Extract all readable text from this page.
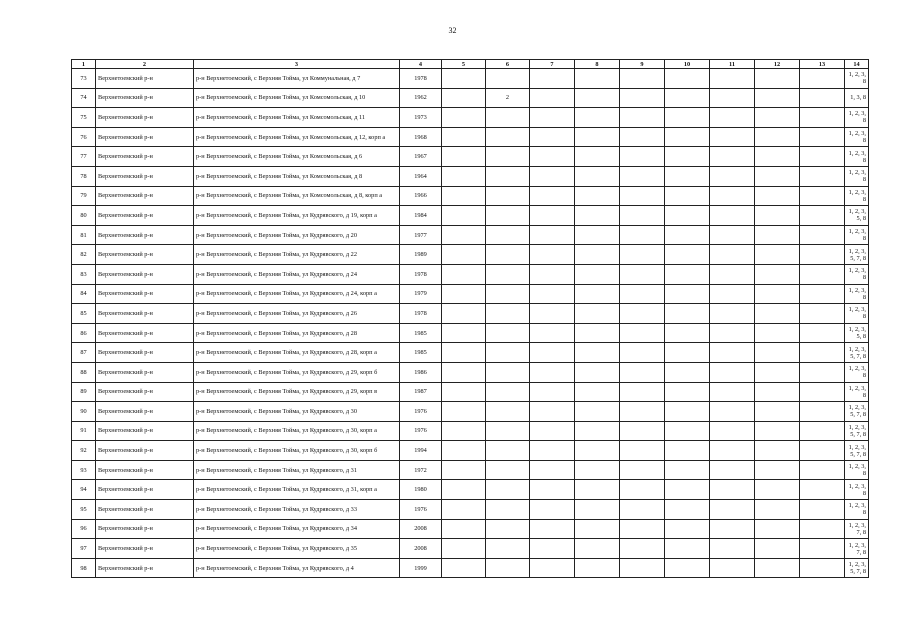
32
1	2	3	4	5	6	7	8	9	10	11	12	13	14
73	Верхнетоемский р-н	р-н Верхнетоемский, с Верхняя Тойма, ул Коммунальная, д 7	1978										1, 2, 3, 8
74	Верхнетоемский р-н	р-н Верхнетоемский, с Верхняя Тойма, ул Комсомольская, д 10	1962		2								1, 3, 8
75	Верхнетоемский р-н	р-н Верхнетоемский, с Верхняя Тойма, ул Комсомольская, д 11	1973										1, 2, 3, 8
76	Верхнетоемский р-н	р-н Верхнетоемский, с Верхняя Тойма, ул Комсомольская, д 12, корп а	1968										1, 2, 3, 8
77	Верхнетоемский р-н	р-н Верхнетоемский, с Верхняя Тойма, ул Комсомольская, д 6	1967										1, 2, 3, 8
78	Верхнетоемский р-н	р-н Верхнетоемский, с Верхняя Тойма, ул Комсомольская, д 8	1964										1, 2, 3, 8
79	Верхнетоемский р-н	р-н Верхнетоемский, с Верхняя Тойма, ул Комсомольская, д 8, корп а	1966										1, 2, 3, 8
80	Верхнетоемский р-н	р-н Верхнетоемский, с Верхняя Тойма, ул Кудрявского, д 19, корп а	1984										1, 2, 3, 5, 8
81	Верхнетоемский р-н	р-н Верхнетоемский, с Верхняя Тойма, ул Кудрявского, д 20	1977										1, 2, 3, 8
82	Верхнетоемский р-н	р-н Верхнетоемский, с Верхняя Тойма, ул Кудрявского, д 22	1989										1, 2, 3, 5, 7, 8
83	Верхнетоемский р-н	р-н Верхнетоемский, с Верхняя Тойма, ул Кудрявского, д 24	1978										1, 2, 3, 8
84	Верхнетоемский р-н	р-н Верхнетоемский, с Верхняя Тойма, ул Кудрявского, д 24, корп а	1979										1, 2, 3, 8
85	Верхнетоемский р-н	р-н Верхнетоемский, с Верхняя Тойма, ул Кудрявского, д 26	1978										1, 2, 3, 8
86	Верхнетоемский р-н	р-н Верхнетоемский, с Верхняя Тойма, ул Кудрявского, д 28	1985										1, 2, 3, 5, 8
87	Верхнетоемский р-н	р-н Верхнетоемский, с Верхняя Тойма, ул Кудрявского, д 28, корп а	1985										1, 2, 3, 5, 7, 8
88	Верхнетоемский р-н	р-н Верхнетоемский, с Верхняя Тойма, ул Кудрявского, д 29, корп б	1986										1, 2, 3, 8
89	Верхнетоемский р-н	р-н Верхнетоемский, с Верхняя Тойма, ул Кудрявского, д 29, корп в	1987										1, 2, 3, 8
90	Верхнетоемский р-н	р-н Верхнетоемский, с Верхняя Тойма, ул Кудрявского, д 30	1976										1, 2, 3, 5, 7, 8
91	Верхнетоемский р-н	р-н Верхнетоемский, с Верхняя Тойма, ул Кудрявского, д 30, корп а	1976										1, 2, 3, 5, 7, 8
92	Верхнетоемский р-н	р-н Верхнетоемский, с Верхняя Тойма, ул Кудрявского, д 30, корп б	1994										1, 2, 3, 5, 7, 8
93	Верхнетоемский р-н	р-н Верхнетоемский, с Верхняя Тойма, ул Кудрявского, д 31	1972										1, 2, 3, 8
94	Верхнетоемский р-н	р-н Верхнетоемский, с Верхняя Тойма, ул Кудрявского, д 31, корп а	1980										1, 2, 3, 8
95	Верхнетоемский р-н	р-н Верхнетоемский, с Верхняя Тойма, ул Кудрявского, д 33	1976										1, 2, 3, 8
96	Верхнетоемский р-н	р-н Верхнетоемский, с Верхняя Тойма, ул Кудрявского, д 34	2008										1, 2, 3, 7, 8
97	Верхнетоемский р-н	р-н Верхнетоемский, с Верхняя Тойма, ул Кудрявского, д 35	2008										1, 2, 3, 7, 8
98	Верхнетоемский р-н	р-н Верхнетоемский, с Верхняя Тойма, ул Кудрявского, д 4	1999										1, 2, 3, 5, 7, 8
